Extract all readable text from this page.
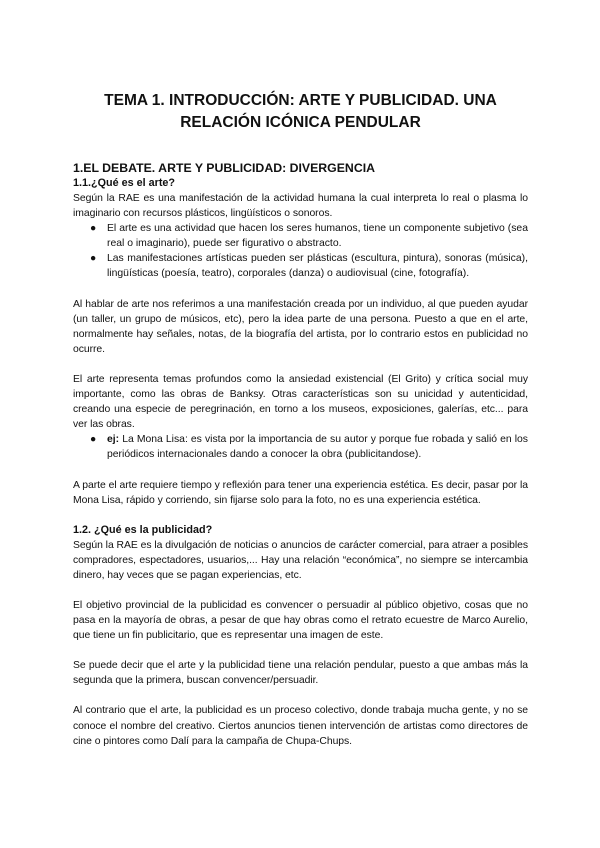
TEMA 1. INTRODUCCIÓN: ARTE Y PUBLICIDAD. UNA
RELACIÓN ICÓNICA PENDULAR
1.EL DEBATE. ARTE Y PUBLICIDAD: DIVERGENCIA
1.1.¿Qué es el arte?

Según la RAE es una manifestación de la actividad humana la cual interpreta lo real o plasma lo imaginario con recursos plásticos, lingüísticos o sonoros.

● El arte es una actividad que hacen los seres humanos, tiene un componente subjetivo (sea real o imaginario), puede ser figurativo o abstracto.
● Las manifestaciones artísticas pueden ser plásticas (escultura, pintura), sonoras (música), lingüísticas (poesía, teatro), corporales (danza) o audiovisual (cine, fotografía).

Al hablar de arte nos referimos a una manifestación creada por un individuo, al que pueden ayudar (un taller, un grupo de músicos, etc), pero la idea parte de una persona. Puesto a que en el arte, normalmente hay señales, notas, de la biografía del artista, por lo contrario estos en publicidad no ocurre.

El arte representa temas profundos como la ansiedad existencial (El Grito) y crítica social muy importante, como las obras de Banksy. Otras características son su unicidad y autenticidad, creando una especie de peregrinación, en torno a los museos, exposiciones, galerías, etc... para ver las obras.

● ej: La Mona Lisa: es vista por la importancia de su autor y porque fue robada y salió en los periódicos internacionales dando a conocer la obra (publicitandose).

A parte el arte requiere tiempo y reflexión para tener una experiencia estética. Es decir, pasar por la Mona Lisa, rápido y corriendo, sin fijarse solo para la foto, no es una experiencia estética.

1.2. ¿Qué es la publicidad?

Según la RAE es la divulgación de noticias o anuncios de carácter comercial, para atraer a posibles compradores, espectadores, usuarios,... Hay una relación “económica”, no siempre se intercambia dinero, hay veces que se pagan experiencias, etc.

El objetivo provincial de la publicidad es convencer o persuadir al público objetivo, cosas que no pasa en la mayoría de obras, a pesar de que hay obras como el retrato ecuestre de Marco Aurelio, que tiene un fin publicitario, que es representar una imagen de este.

Se puede decir que el arte y la publicidad tiene una relación pendular, puesto a que ambas más la segunda que la primera, buscan convencer/persuadir.

Al contrario que el arte, la publicidad es un proceso colectivo, donde trabaja mucha gente, y no se conoce el nombre del creativo. Ciertos anuncios tienen intervención de artistas como directores de cine o pintores como Dalí para la campaña de Chupa-Chups.
